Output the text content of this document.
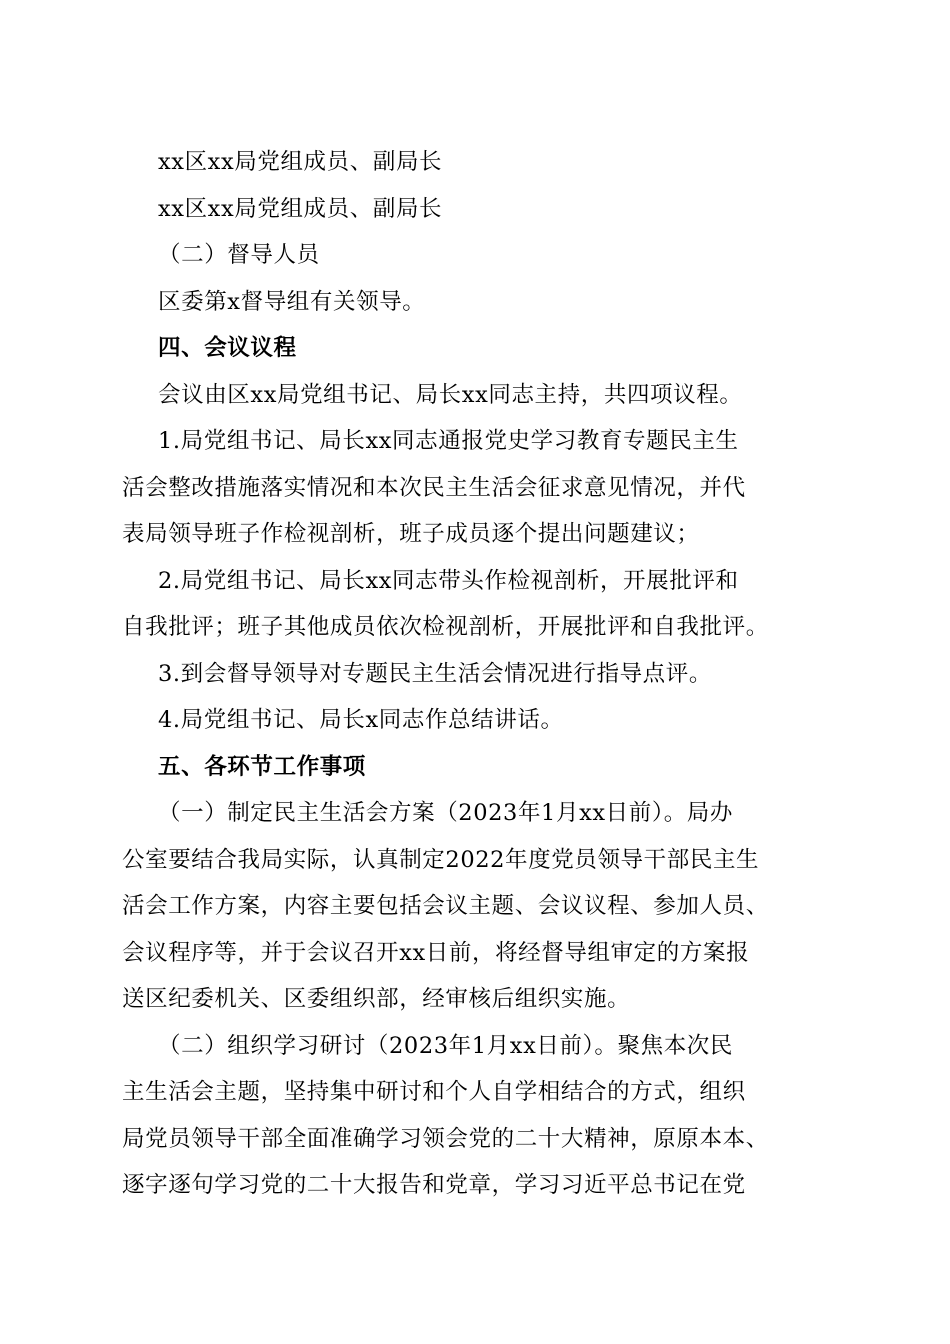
xx区xx局党组成员、副局长

xx区xx局党组成员、副局长

（二）督导人员

区委第x督导组有关领导。

四、会议议程

会议由区xx局党组书记、局长xx同志主持，共四项议程。

1.局党组书记、局长xx同志通报党史学习教育专题民主生

活会整改措施落实情况和本次民主生活会征求意见情况，并代

表局领导班子作检视剖析，班子成员逐个提出问题建议；

2.局党组书记、局长xx同志带头作检视剖析，开展批评和

自我批评；班子其他成员依次检视剖析，开展批评和自我批评。

3.到会督导领导对专题民主生活会情况进行指导点评。

4.局党组书记、局长x同志作总结讲话。

五、各环节工作事项

（一）制定民主生活会方案（2023年1月xx日前）。局办

公室要结合我局实际，认真制定2022年度党员领导干部民主生

活会工作方案，内容主要包括会议主题、会议议程、参加人员、

会议程序等，并于会议召开xx日前，将经督导组审定的方案报

送区纪委机关、区委组织部，经审核后组织实施。

（二）组织学习研讨（2023年1月xx日前）。聚焦本次民

主生活会主题，坚持集中研讨和个人自学相结合的方式，组织

局党员领导干部全面准确学习领会党的二十大精神，原原本本、

逐字逐句学习党的二十大报告和党章，学习习近平总书记在党
